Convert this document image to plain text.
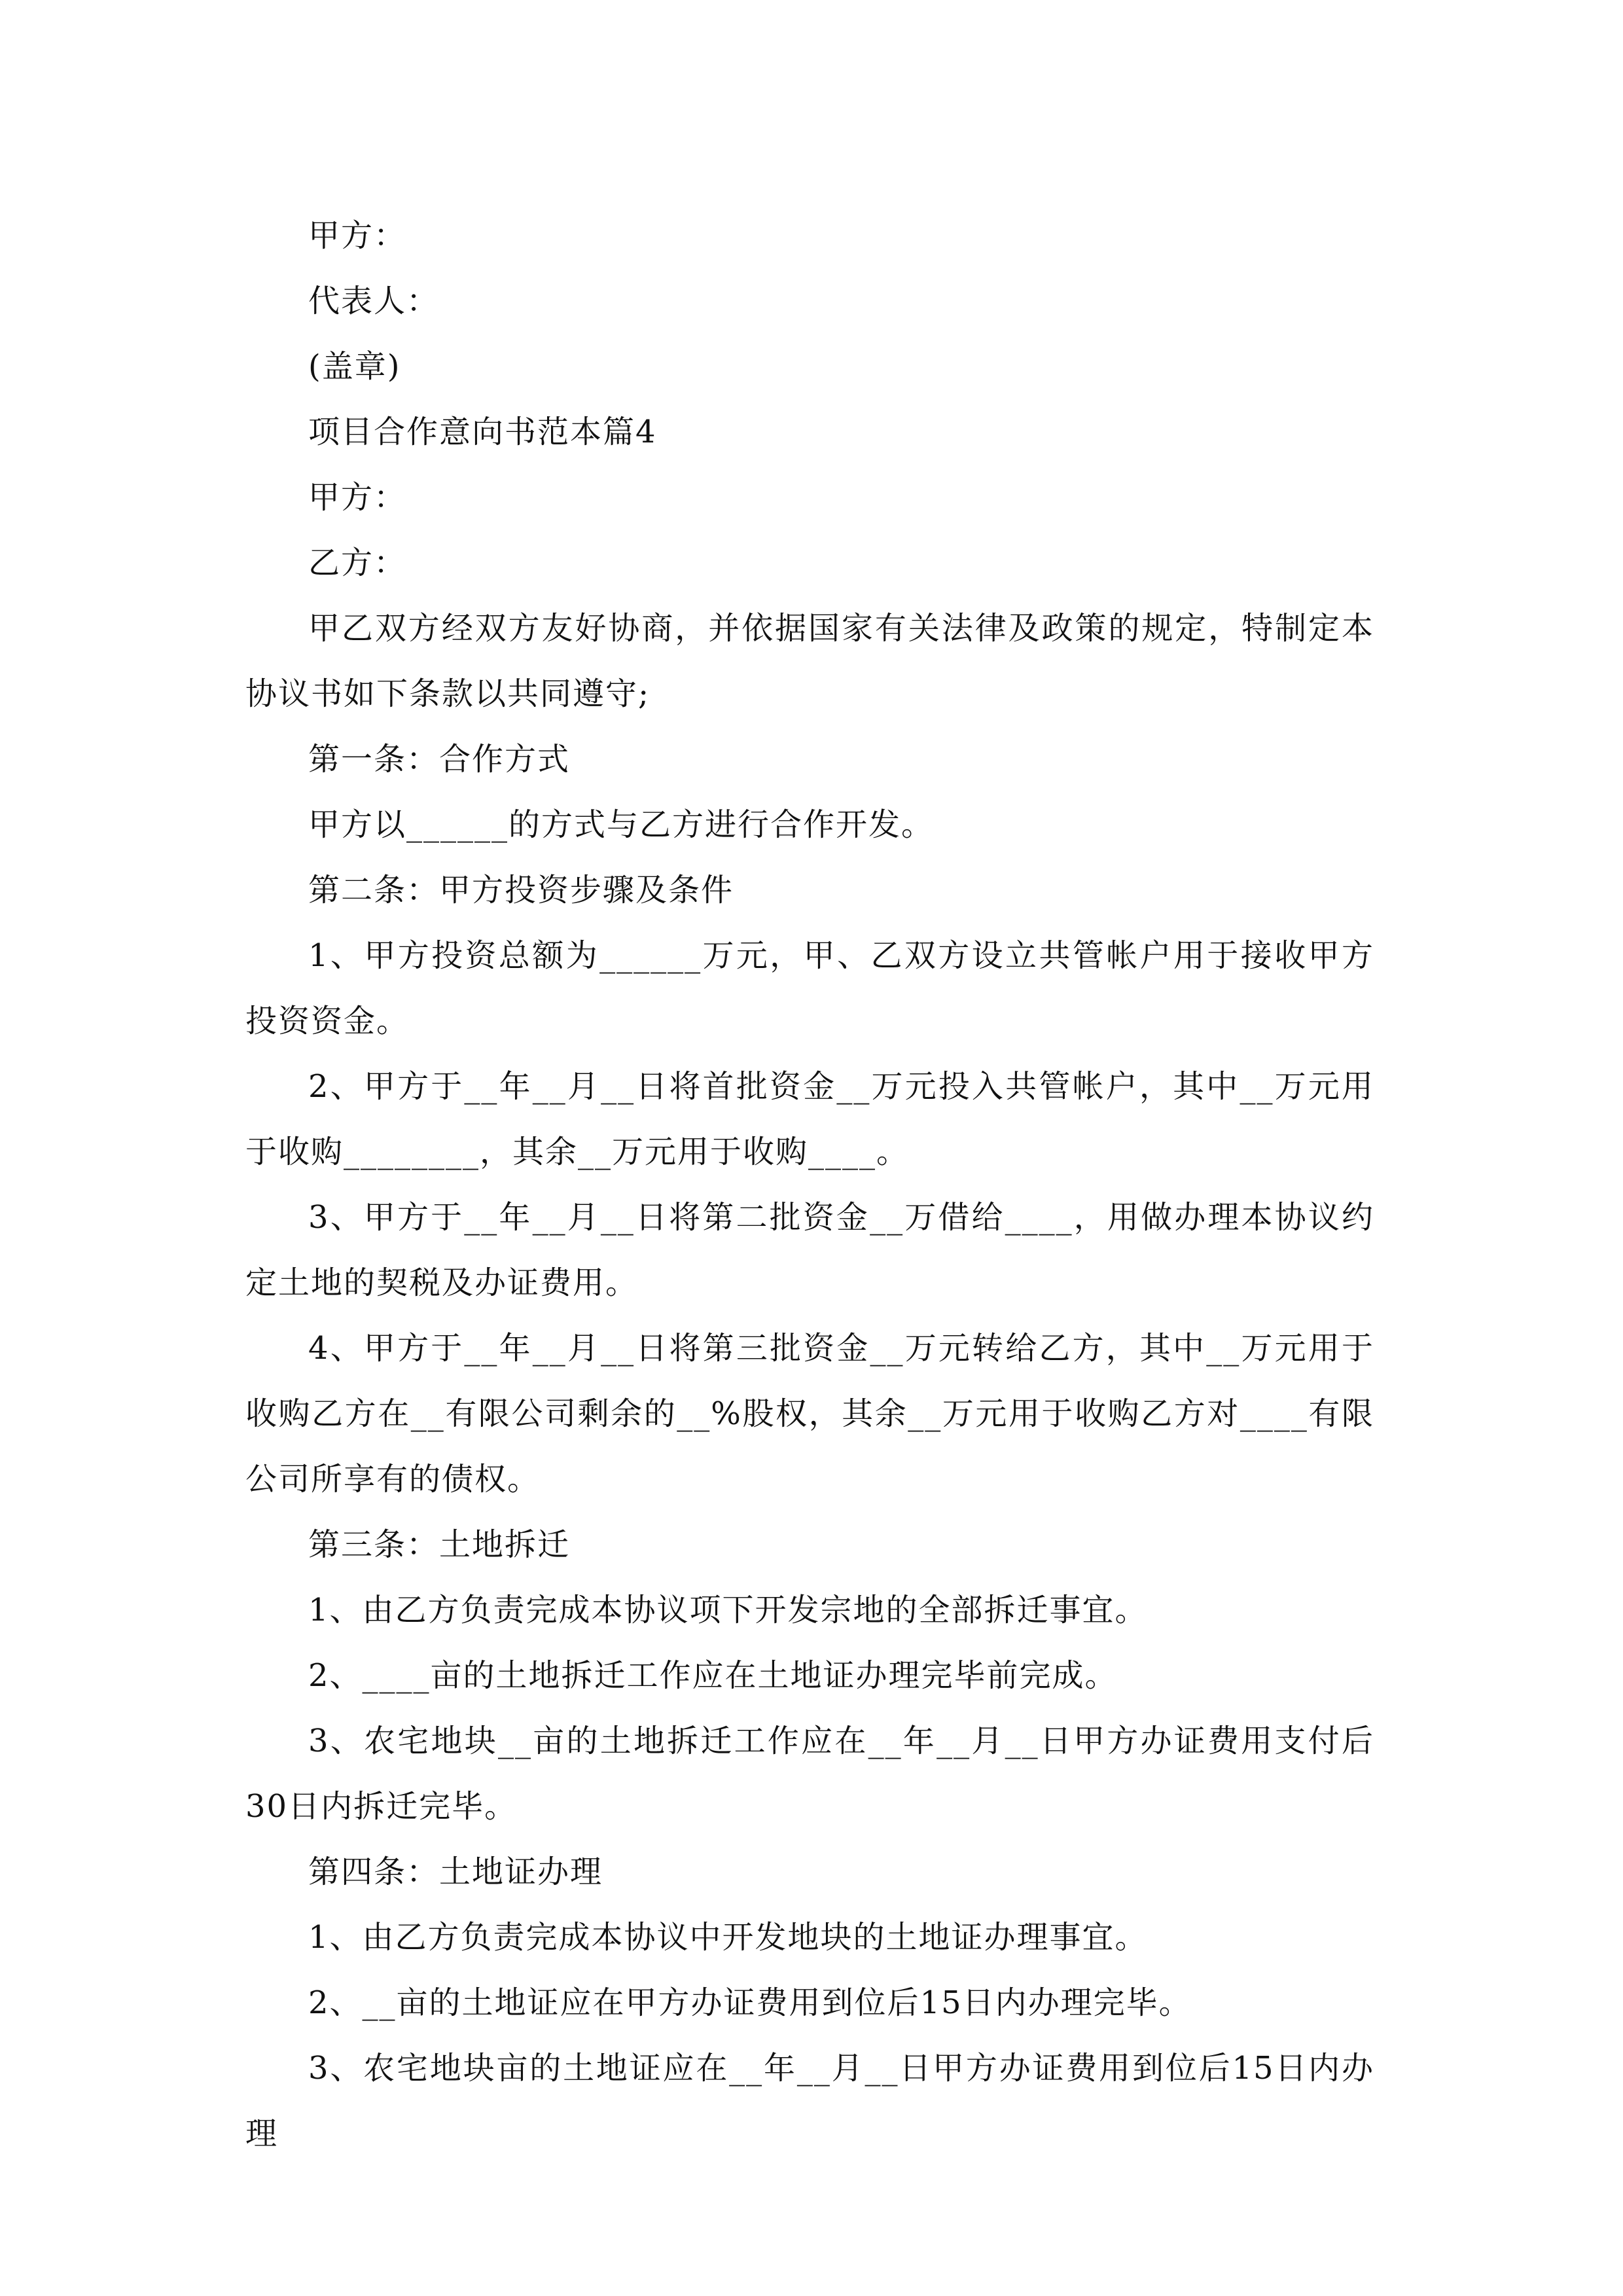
甲方：

代表人：

(盖章)

项目合作意向书范本篇4

甲方：

乙方：

甲乙双方经双方友好协商，并依据国家有关法律及政策的规定，特制定本协议书如下条款以共同遵守;

第一条：合作方式

甲方以______的方式与乙方进行合作开发。

第二条：甲方投资步骤及条件

1、甲方投资总额为______万元，甲、乙双方设立共管帐户用于接收甲方投资资金。

2、甲方于__年__月__日将首批资金__万元投入共管帐户，其中__万元用于收购________，其余__万元用于收购____。

3、甲方于__年__月__日将第二批资金__万借给____，用做办理本协议约定土地的契税及办证费用。

4、甲方于__年__月__日将第三批资金__万元转给乙方，其中__万元用于收购乙方在__有限公司剩余的__%股权，其余__万元用于收购乙方对____有限公司所享有的债权。

第三条：土地拆迁

1、由乙方负责完成本协议项下开发宗地的全部拆迁事宜。

2、____亩的土地拆迁工作应在土地证办理完毕前完成。

3、农宅地块__亩的土地拆迁工作应在__年__月__日甲方办证费用支付后30日内拆迁完毕。

第四条：土地证办理

1、由乙方负责完成本协议中开发地块的土地证办理事宜。

2、__亩的土地证应在甲方办证费用到位后15日内办理完毕。

3、农宅地块亩的土地证应在__年__月__日甲方办证费用到位后15日内办理
